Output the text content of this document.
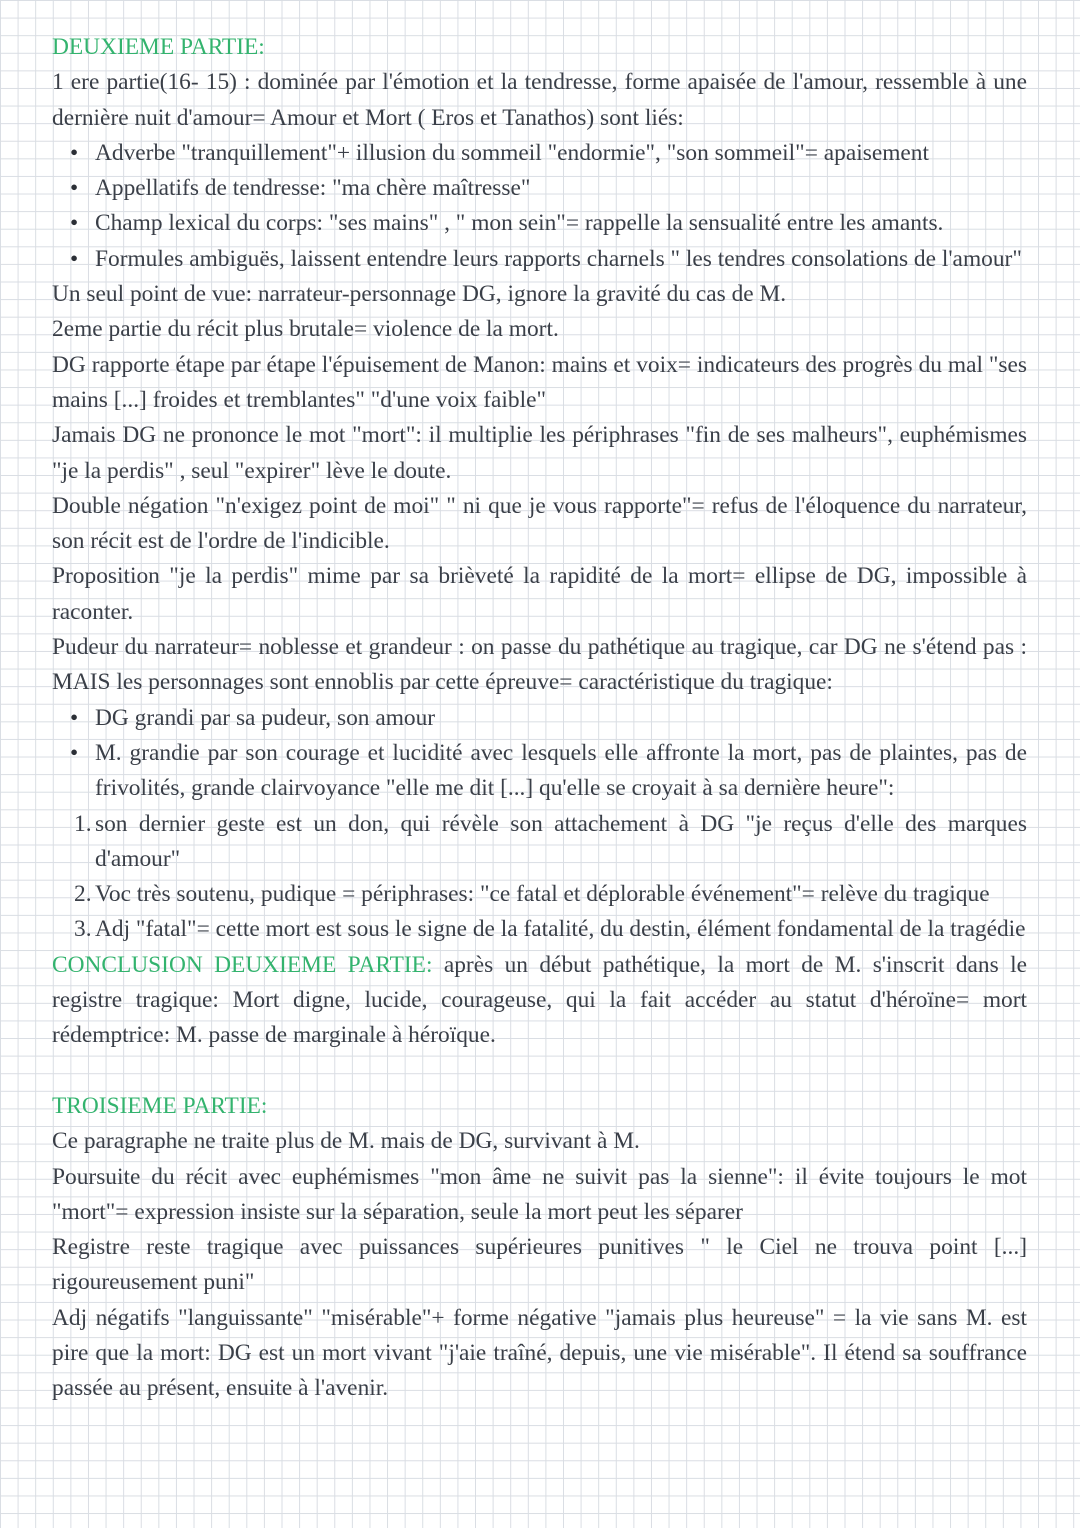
DEUXIEME PARTIE:

1 ere partie(16- 15) : dominée par l'émotion et la tendresse, forme apaisée de l'amour, ressemble à une dernière nuit d'amour= Amour et Mort ( Eros et Tanathos) sont liés:

• Adverbe "tranquillement"+ illusion du sommeil "endormie", "son sommeil"= apaisement
• Appellatifs de tendresse: "ma chère maîtresse"
• Champ lexical du corps: "ses mains" , " mon sein"= rappelle la sensualité entre les amants.
• Formules ambiguës, laissent entendre leurs rapports charnels " les tendres consolations de l'amour"

Un seul point de vue: narrateur-personnage DG, ignore la gravité du cas de M.

2eme partie du récit plus brutale= violence de la mort.

DG rapporte étape par étape l'épuisement de Manon: mains et voix= indicateurs des progrès du mal "ses mains [...] froides et tremblantes" "d'une voix faible"

Jamais DG ne prononce le mot "mort": il multiplie les périphrases "fin de ses malheurs", euphémismes "je la perdis" , seul "expirer" lève le doute.

Double négation "n'exigez point de moi" " ni que je vous rapporte"= refus de l'éloquence du narrateur, son récit est de l'ordre de l'indicible.

Proposition "je la perdis" mime par sa brièveté la rapidité de la mort= ellipse de DG, impossible à raconter.

Pudeur du narrateur= noblesse et grandeur : on passe du pathétique au tragique, car DG ne s'étend pas : MAIS les personnages sont ennoblis par cette épreuve= caractéristique du tragique:

• DG grandi par sa pudeur, son amour
• M. grandie par son courage et lucidité avec lesquels elle affronte la mort, pas de plaintes, pas de frivolités, grande clairvoyance "elle me dit [...] qu'elle se croyait à sa dernière heure":
1. son dernier geste est un don, qui révèle son attachement à DG "je reçus d'elle des marques d'amour"
2. Voc très soutenu, pudique = périphrases: "ce fatal et déplorable événement"= relève du tragique
3. Adj "fatal"= cette mort est sous le signe de la fatalité, du destin, élément fondamental de la tragédie

CONCLUSION DEUXIEME PARTIE: après un début pathétique, la mort de M. s'inscrit dans le registre tragique: Mort digne, lucide, courageuse, qui la fait accéder au statut d'héroïne= mort rédemptrice: M. passe de marginale à héroïque.

TROISIEME PARTIE:

Ce paragraphe ne traite plus de M. mais de DG, survivant à M.

Poursuite du récit avec euphémismes "mon âme ne suivit pas la sienne": il évite toujours le mot "mort"= expression insiste sur la séparation, seule la mort peut les séparer

Registre reste tragique avec puissances supérieures punitives " le Ciel ne trouva point [...] rigoureusement puni"

Adj négatifs "languissante" "misérable"+ forme négative "jamais plus heureuse" = la vie sans M. est pire que la mort: DG est un mort vivant "j'aie traîné, depuis, une vie misérable". Il étend sa souffrance passée au présent, ensuite à l'avenir.
